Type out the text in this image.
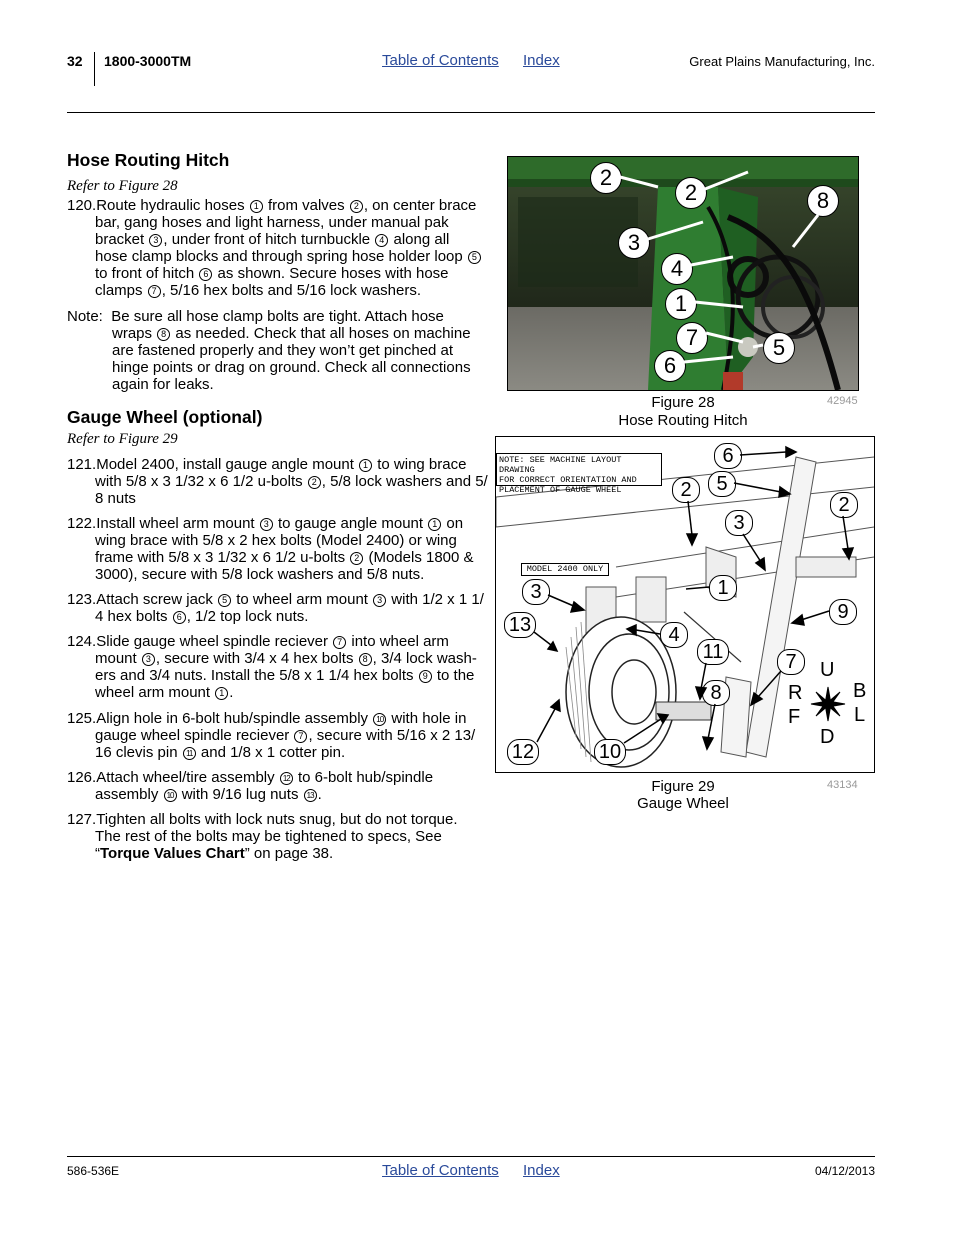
32 1800-3000TM	Table of Contents Index	Great Plains Manufacturing, Inc.
Hose Routing Hitch
Refer to Figure 28
120.Route hydraulic hoses 1 from valves 2 , on center brace
bar, gang hoses and light harness, under manual pak
bracket 3 , under front of hitch turnbuckle 4 along all
hose clamp blocks and through spring hose holder loop 5
to front of hitch 6 as shown. Secure hoses with hose
clamps 7 , 5/16 hex bolts and 5/16 lock washers.
Note: Be sure all hose clamp bolts are tight. Attach hose
wraps 8 as needed. Check that all hoses on machine
are fastened properly and they won’t get pinched at
hinge points or drag on ground. Check all connections
again for leaks.
Gauge Wheel (optional)
Refer to Figure 29
121.Model 2400, install gauge angle mount 1 to wing brace
with 5/8 x 3 1/32 x 6 1/2 u-bolts 2 , 5/8 lock washers and 5/
8 nuts
122.Install wheel arm mount 3 to gauge angle mount 1 on
wing brace with 5/8 x 2 hex bolts (Model 2400) or wing
frame with 5/8 x 3 1/32 x 6 1/2 u-bolts 2 (Models 1800 &
3000), secure with 5/8 lock washers and 5/8 nuts.
123.Attach screw jack 5 to wheel arm mount 3 with 1/2 x 1 1/
4 hex bolts 6 , 1/2 top lock nuts.
124.Slide gauge wheel spindle reciever 7 into wheel arm
mount 3 , secure with 3/4 x 4 hex bolts 8 , 3/4 lock wash-
ers and 3/4 nuts. Install the 5/8 x 1 1/4 hex bolts 9 to the
wheel arm mount 1 .
125.Align hole in 6-bolt hub/spindle assembly 10 with hole in
gauge wheel spindle reciever 7 , secure with 5/16 x 2 13/
16 clevis pin 11 and 1/8 x 1 cotter pin.
126.Attach wheel/tire assembly 12 to 6-bolt hub/spindle
assembly 10 with 9/16 lug nuts 13 .
127.Tighten all bolts with lock nuts snug, but do not torque.
The rest of the bolts may be tightened to specs, See
“Torque Values Chart” on page 38.
2
2	8
3
4
1
7	5
6
Figure 28
Hose Routing Hitch
42945
NOTE: SEE MACHINE LAYOUT DRAWING
FOR CORRECT ORIENTATION AND
PLACEMENT OF GAUGE WHEEL
MODEL 2400 ONLY
6
5
2
2
3
3	1
9
13	4
11	7
8
12	10
U
D
R
L
B
F
Figure 29
Gauge Wheel
43134
586-536E	Table of Contents Index	04/12/2013
